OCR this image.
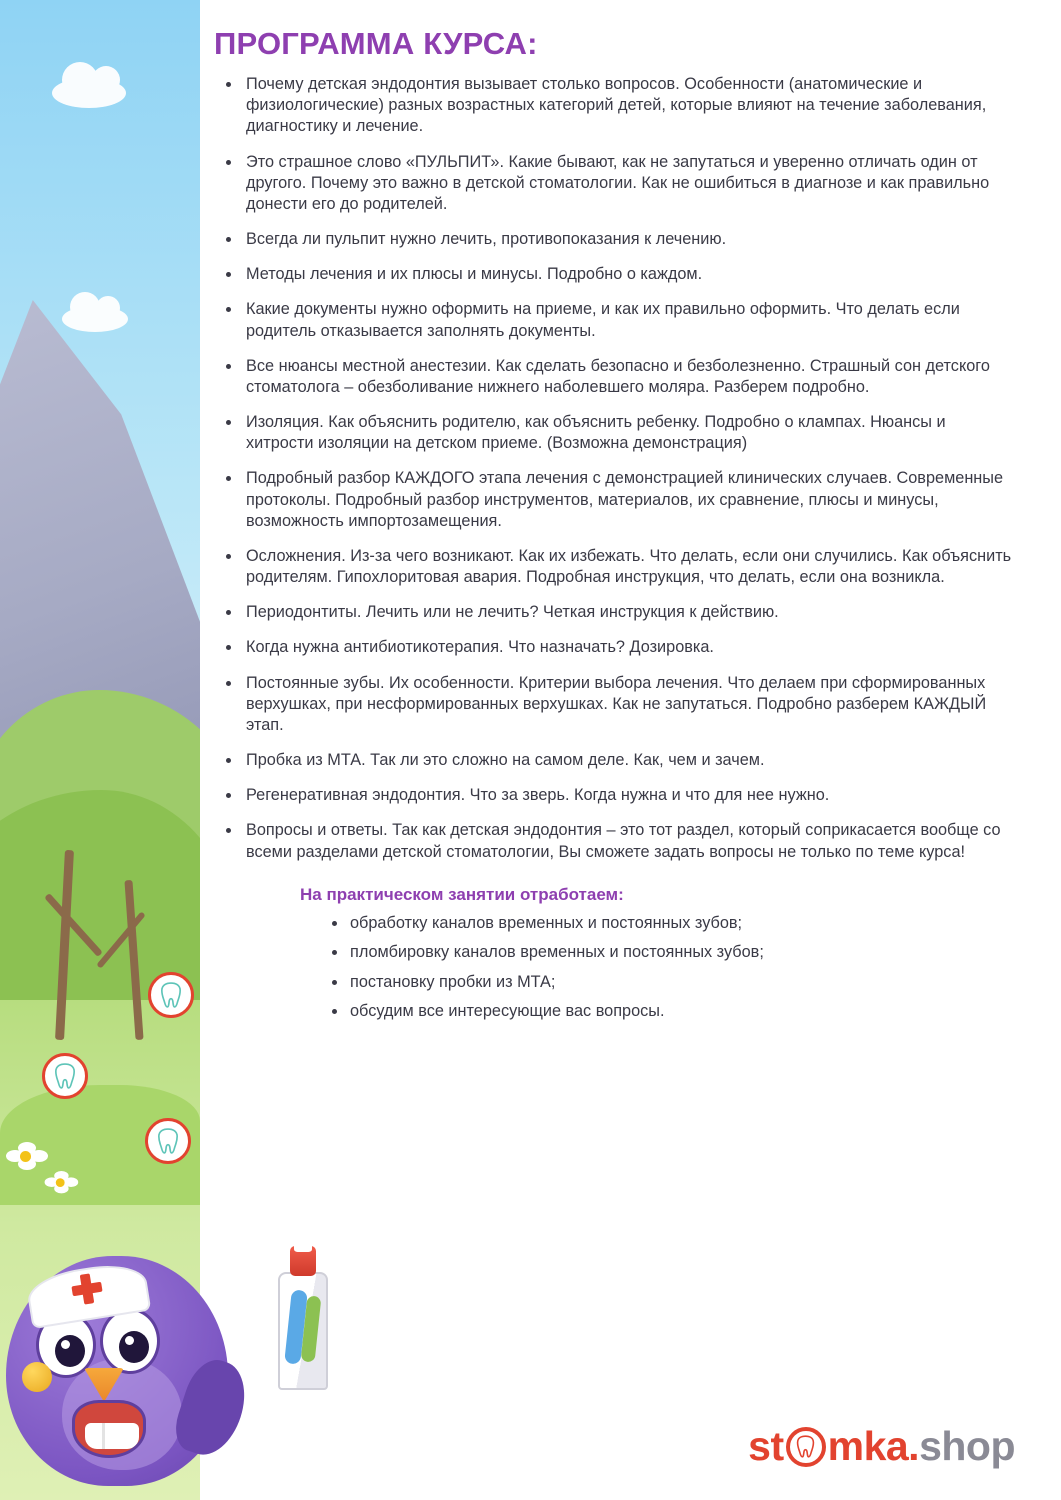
ПРОГРАММА КУРСА:
Почему детская эндодонтия вызывает столько вопросов. Особенности (анатомические и физиологические) разных возрастных категорий детей, которые влияют на течение заболевания, диагностику и лечение.
Это страшное слово «ПУЛЬПИТ». Какие бывают, как не запутаться и уверенно отличать один от другого. Почему это важно в детской стоматологии. Как не ошибиться в диагнозе и как правильно донести его до родителей.
Всегда ли пульпит нужно лечить, противопоказания к лечению.
Методы лечения и их плюсы и минусы. Подробно о каждом.
Какие документы нужно оформить на приеме, и как их правильно оформить. Что делать если родитель отказывается заполнять документы.
Все нюансы местной анестезии. Как сделать безопасно и безболезненно. Страшный сон детского стоматолога – обезболивание нижнего наболевшего моляра. Разберем подробно.
Изоляция. Как объяснить родителю, как объяснить ребенку. Подробно о клампах. Нюансы и хитрости изоляции на детском приеме. (Возможна демонстрация)
Подробный разбор КАЖДОГО этапа лечения с демонстрацией клинических случаев. Современные протоколы. Подробный разбор инструментов, материалов, их сравнение, плюсы и минусы, возможность импортозамещения.
Осложнения. Из-за чего возникают. Как их избежать. Что делать, если они случились. Как объяснить родителям. Гипохлоритовая авария. Подробная инструкция, что делать, если она возникла.
Периодонтиты. Лечить или не лечить? Четкая инструкция к действию.
Когда нужна антибиотикотерапия. Что назначать? Дозировка.
Постоянные зубы. Их особенности. Критерии выбора лечения. Что делаем при сформированных верхушках, при несформированных верхушках. Как не запутаться. Подробно разберем КАЖДЫЙ этап.
Пробка из МТА. Так ли это сложно на самом деле. Как, чем и зачем.
Регенеративная эндодонтия. Что за зверь. Когда нужна и что для нее нужно.
Вопросы и ответы. Так как детская эндодонтия – это тот раздел, который соприкасается вообще со всеми разделами детской стоматологии, Вы сможете задать вопросы не только по теме курса!
На практическом занятии отработаем:
обработку каналов временных и постоянных зубов;
пломбировку каналов временных и постоянных зубов;
постановку пробки из МТА;
обсудим все интересующие вас вопросы.
st mka. shop
